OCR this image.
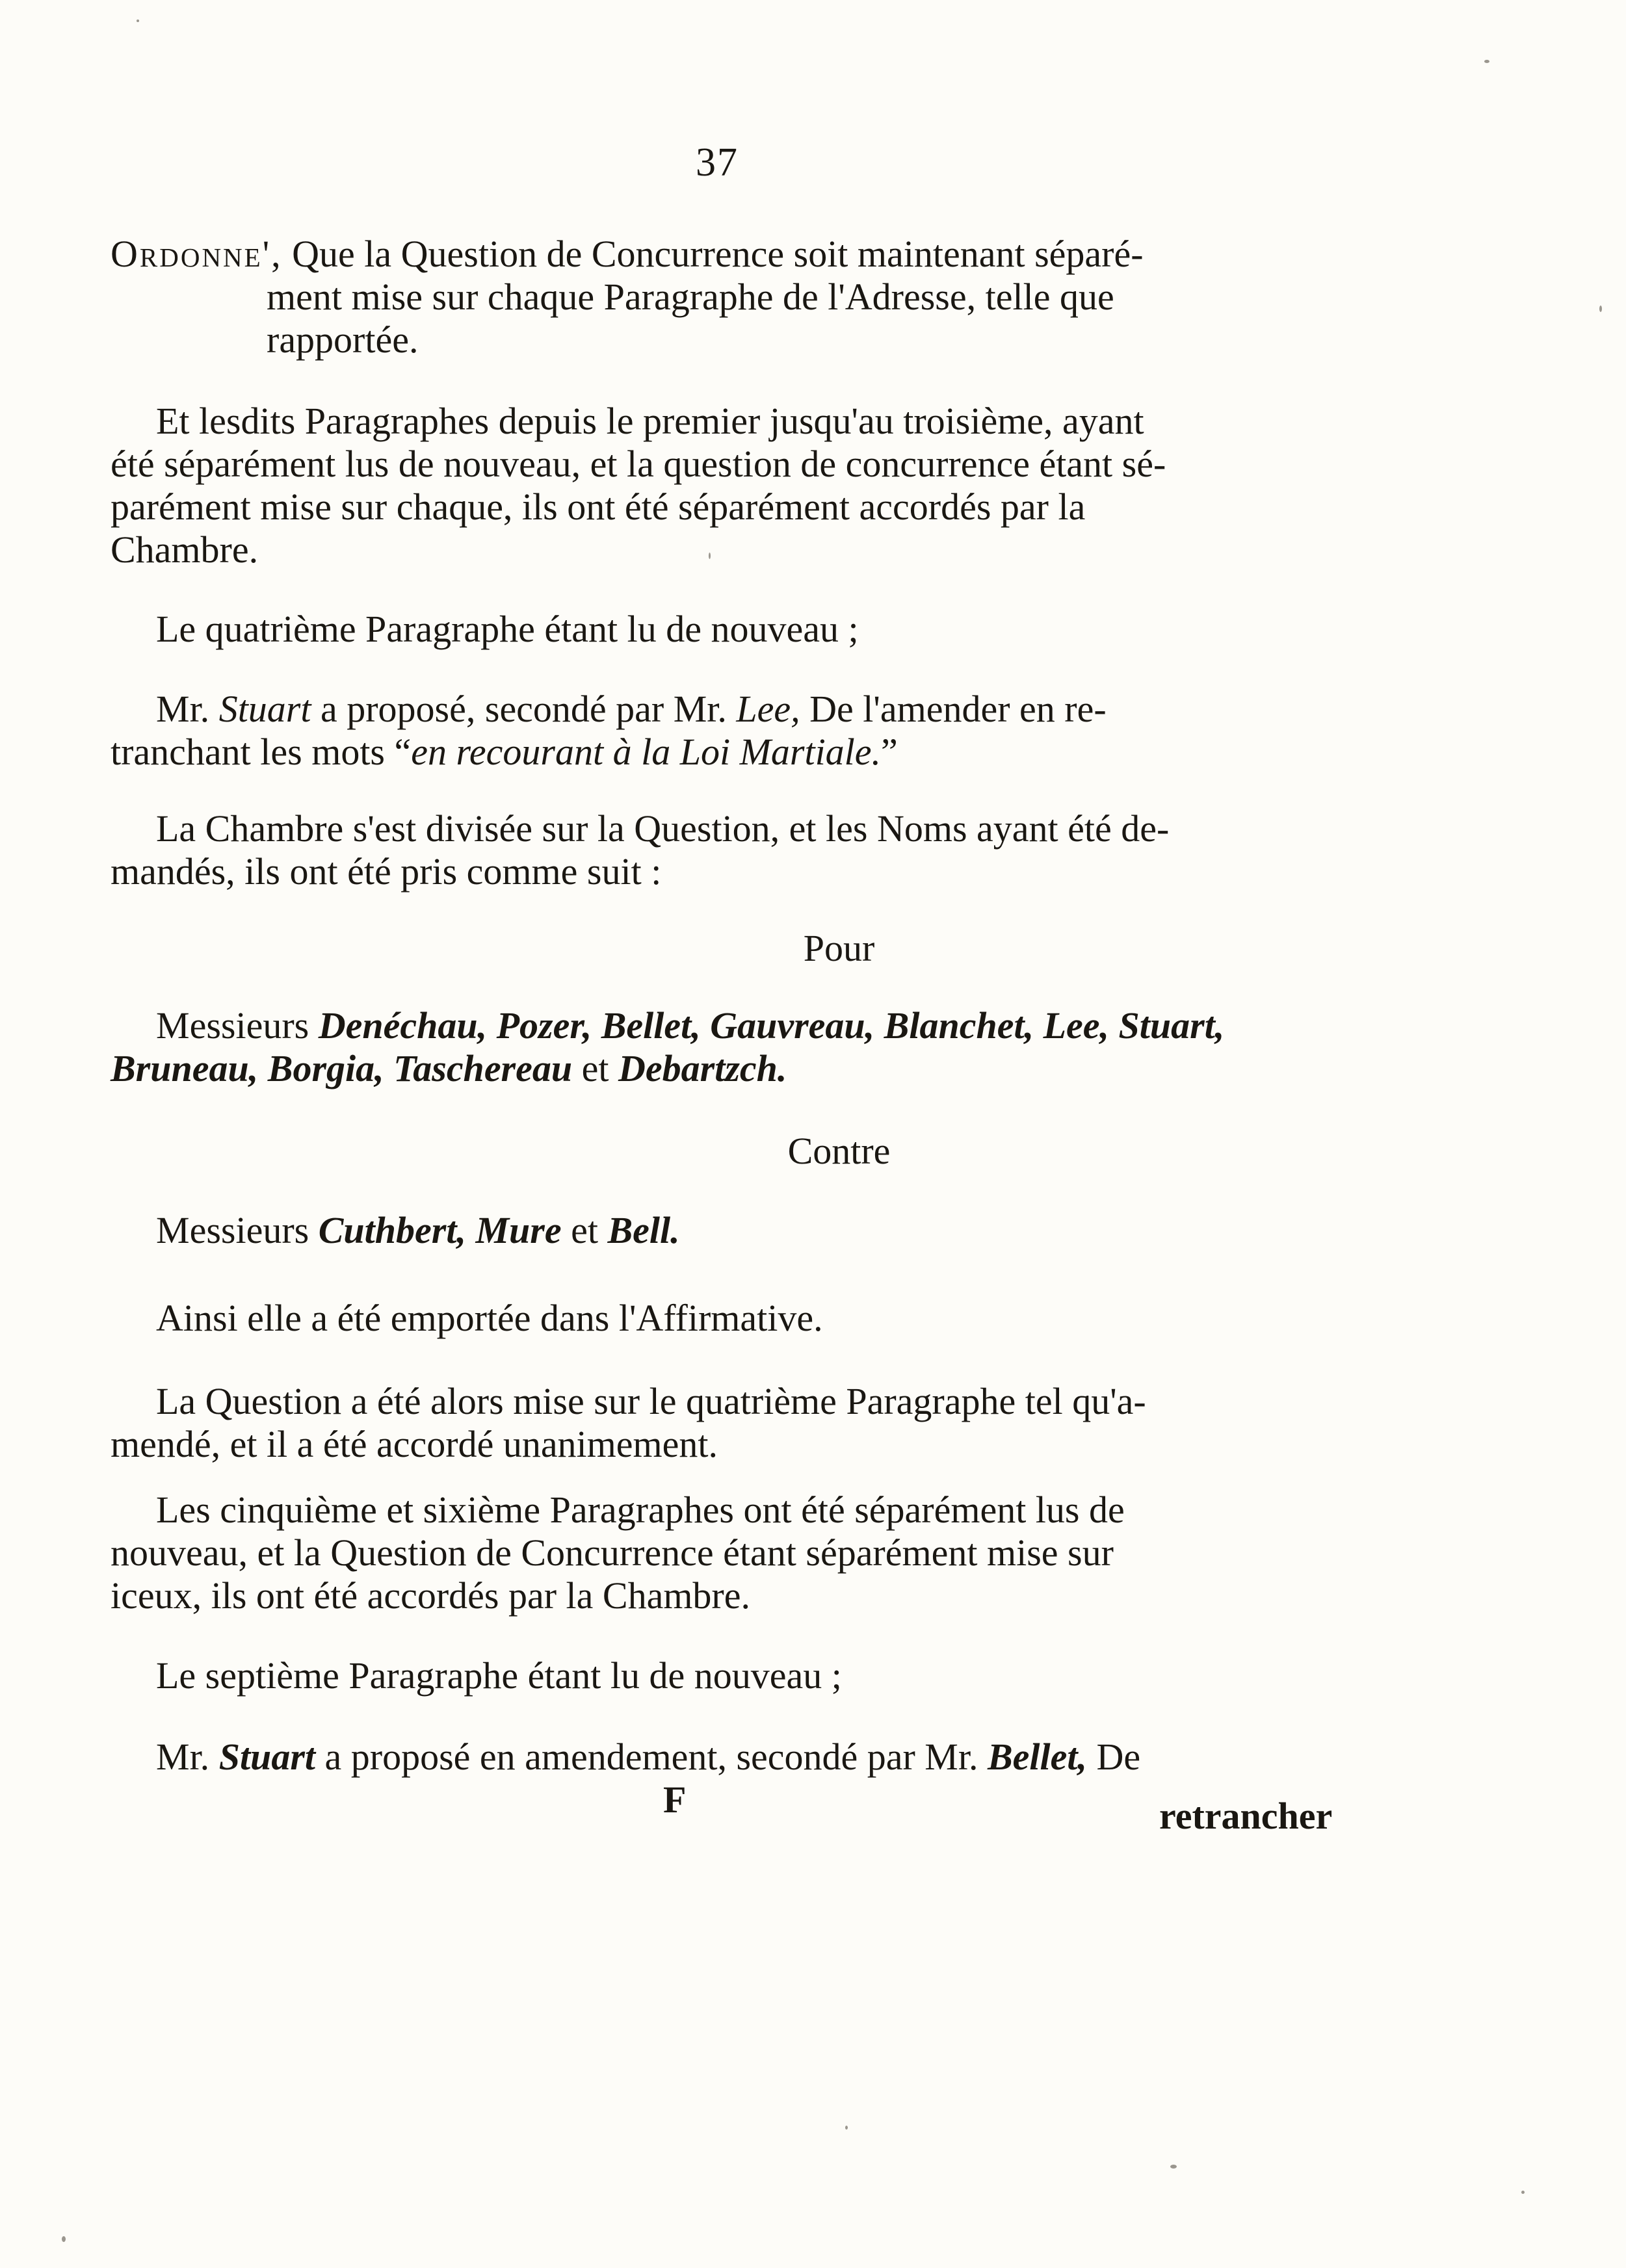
37
Ordonne', Que la Question de Concurrence soit maintenant séparé-
ment mise sur chaque Paragraphe de l'Adresse, telle que
rapportée.
Et lesdits Paragraphes depuis le premier jusqu'au troisième, ayant
été séparément lus de nouveau, et la question de concurrence étant sé-
parément mise sur chaque, ils ont été séparément accordés par la
Chambre.
Le quatrième Paragraphe étant lu de nouveau ;
Mr. Stuart a proposé, secondé par Mr. Lee, De l'amender en re-
tranchant les mots “en recourant à la Loi Martiale.”
La Chambre s'est divisée sur la Question, et les Noms ayant été de-
mandés, ils ont été pris comme suit :
Pour
Messieurs Denéchau, Pozer, Bellet, Gauvreau, Blanchet, Lee, Stuart,
Bruneau, Borgia, Taschereau et Debartzch.
Contre
Messieurs Cuthbert, Mure et Bell.
Ainsi elle a été emportée dans l'Affirmative.
La Question a été alors mise sur le quatrième Paragraphe tel qu'a-
mendé, et il a été accordé unanimement.
Les cinquième et sixième Paragraphes ont été séparément lus de
nouveau, et la Question de Concurrence étant séparément mise sur
iceux, ils ont été accordés par la Chambre.
Le septième Paragraphe étant lu de nouveau ;
Mr. Stuart a proposé en amendement, secondé par Mr. Bellet, De
F	retrancher
